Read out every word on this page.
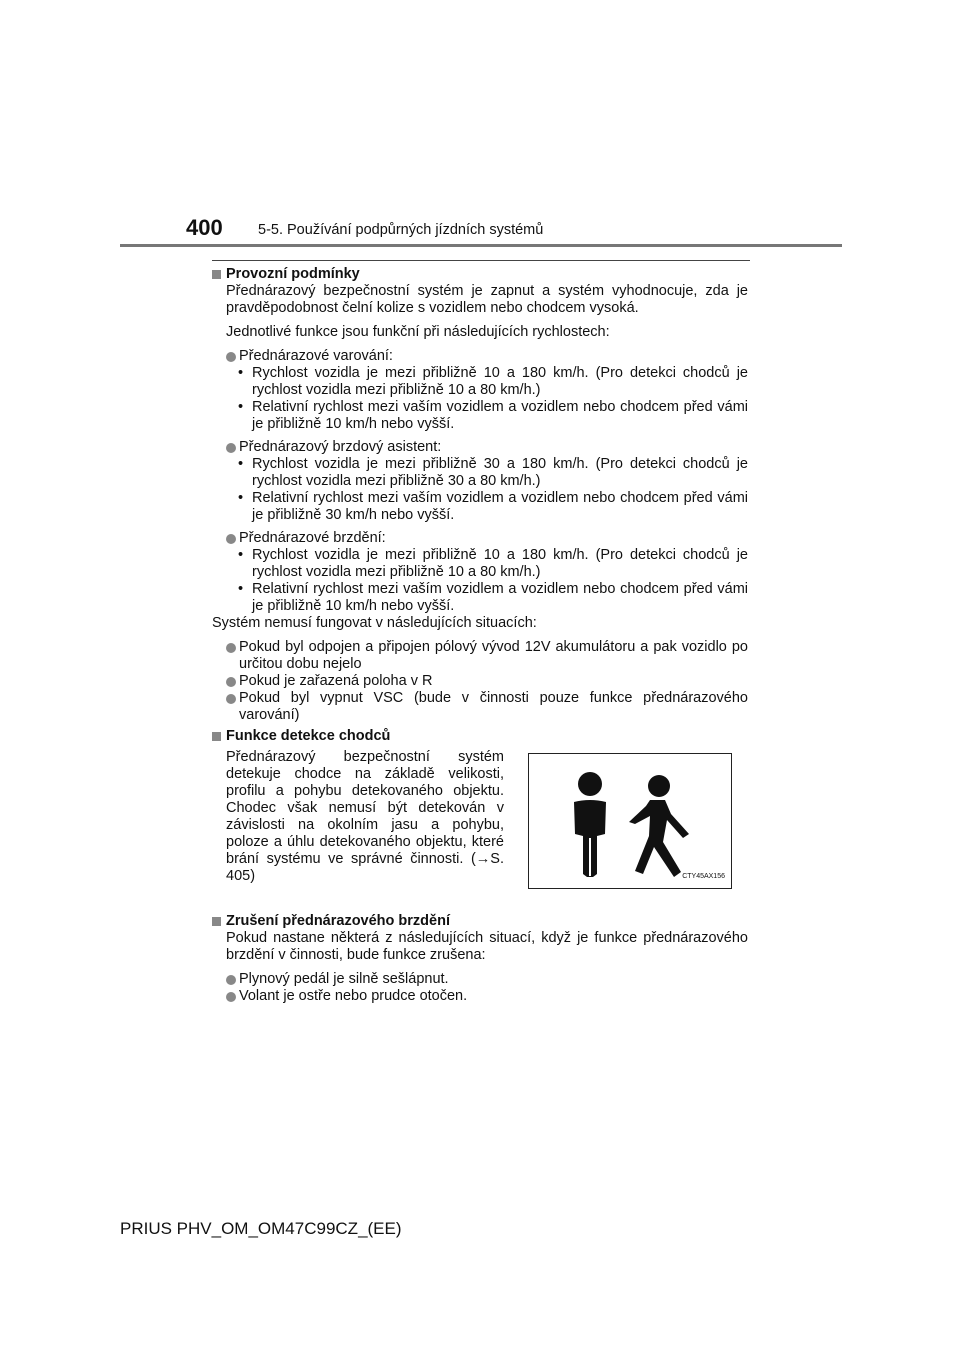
400 5-5. Používání podpůrných jízdních systémů

Provozní podmínky

Přednárazový bezpečnostní systém je zapnut a systém vyhodnocuje, zda je pravděpodobnost čelní kolize s vozidlem nebo chodcem vysoká.

Jednotlivé funkce jsou funkční při následujících rychlostech:

Přednárazové varování:

• Rychlost vozidla je mezi přibližně 10 a 180 km/h. (Pro detekci chodců je rychlost vozidla mezi přibližně 10 a 80 km/h.)

• Relativní rychlost mezi vaším vozidlem a vozidlem nebo chodcem před vámi je přibližně 10 km/h nebo vyšší.

Přednárazový brzdový asistent:

• Rychlost vozidla je mezi přibližně 30 a 180 km/h. (Pro detekci chodců je rychlost vozidla mezi přibližně 30 a 80 km/h.)

• Relativní rychlost mezi vaším vozidlem a vozidlem nebo chodcem před vámi je přibližně 30 km/h nebo vyšší.

Přednárazové brzdění:

• Rychlost vozidla je mezi přibližně 10 a 180 km/h. (Pro detekci chodců je rychlost vozidla mezi přibližně 10 a 80 km/h.)

• Relativní rychlost mezi vaším vozidlem a vozidlem nebo chodcem před vámi je přibližně 10 km/h nebo vyšší.

Systém nemusí fungovat v následujících situacích:

Pokud byl odpojen a připojen pólový vývod 12V akumulátoru a pak vozidlo po určitou dobu nejelo

Pokud je zařazená poloha v R

Pokud byl vypnut VSC (bude v činnosti pouze funkce přednárazového varování)

Funkce detekce chodců

Přednárazový bezpečnostní systém detekuje chodce na základě velikosti, profilu a pohybu detekovaného objektu. Chodec však nemusí být detekován v závislosti na okolním jasu a pohybu, poloze a úhlu detekovaného objektu, které brání systému ve správné činnosti. (→S. 405)	CTY45AX156

Zrušení přednárazového brzdění

Pokud nastane některá z následujících situací, když je funkce přednárazového brzdění v činnosti, bude funkce zrušena:

Plynový pedál je silně sešlápnut.

Volant je ostře nebo prudce otočen.

PRIUS PHV_OM_OM47C99CZ_(EE)
